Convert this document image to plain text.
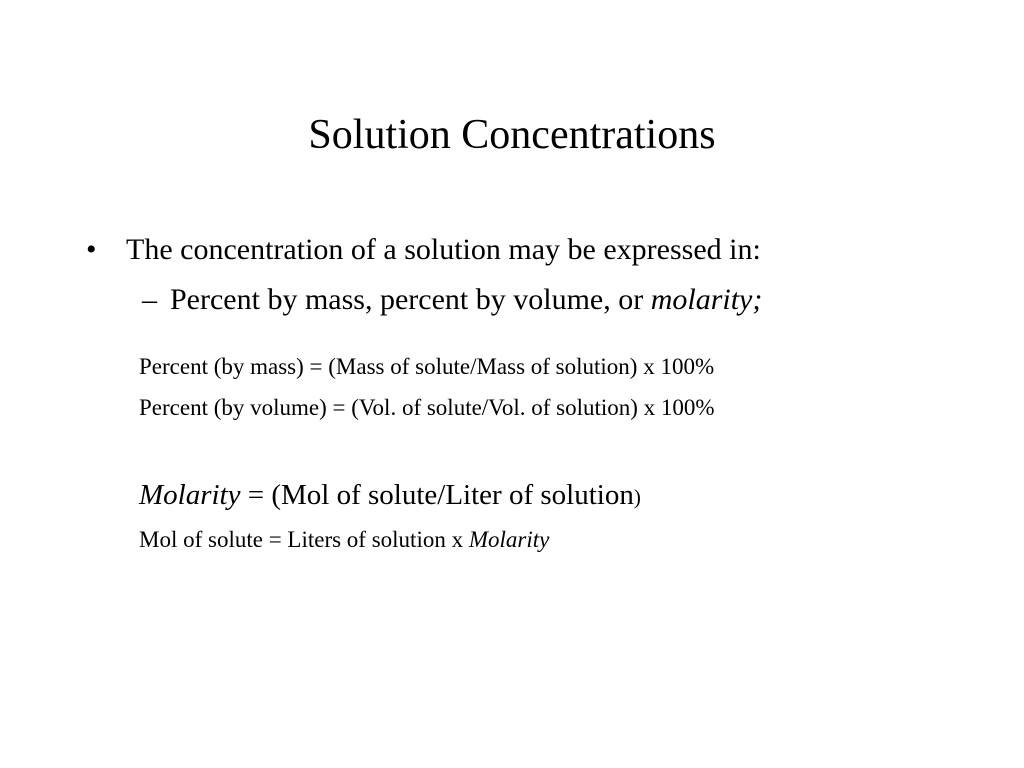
Solution Concentrations
• The concentration of a solution may be expressed in:
– Percent by mass, percent by volume, or molarity;
Percent (by mass) = (Mass of solute/Mass of solution) x 100%
Percent (by volume) = (Vol. of solute/Vol. of solution) x 100%
Molarity = (Mol of solute/Liter of solution)
Mol of solute = Liters of solution x Molarity
